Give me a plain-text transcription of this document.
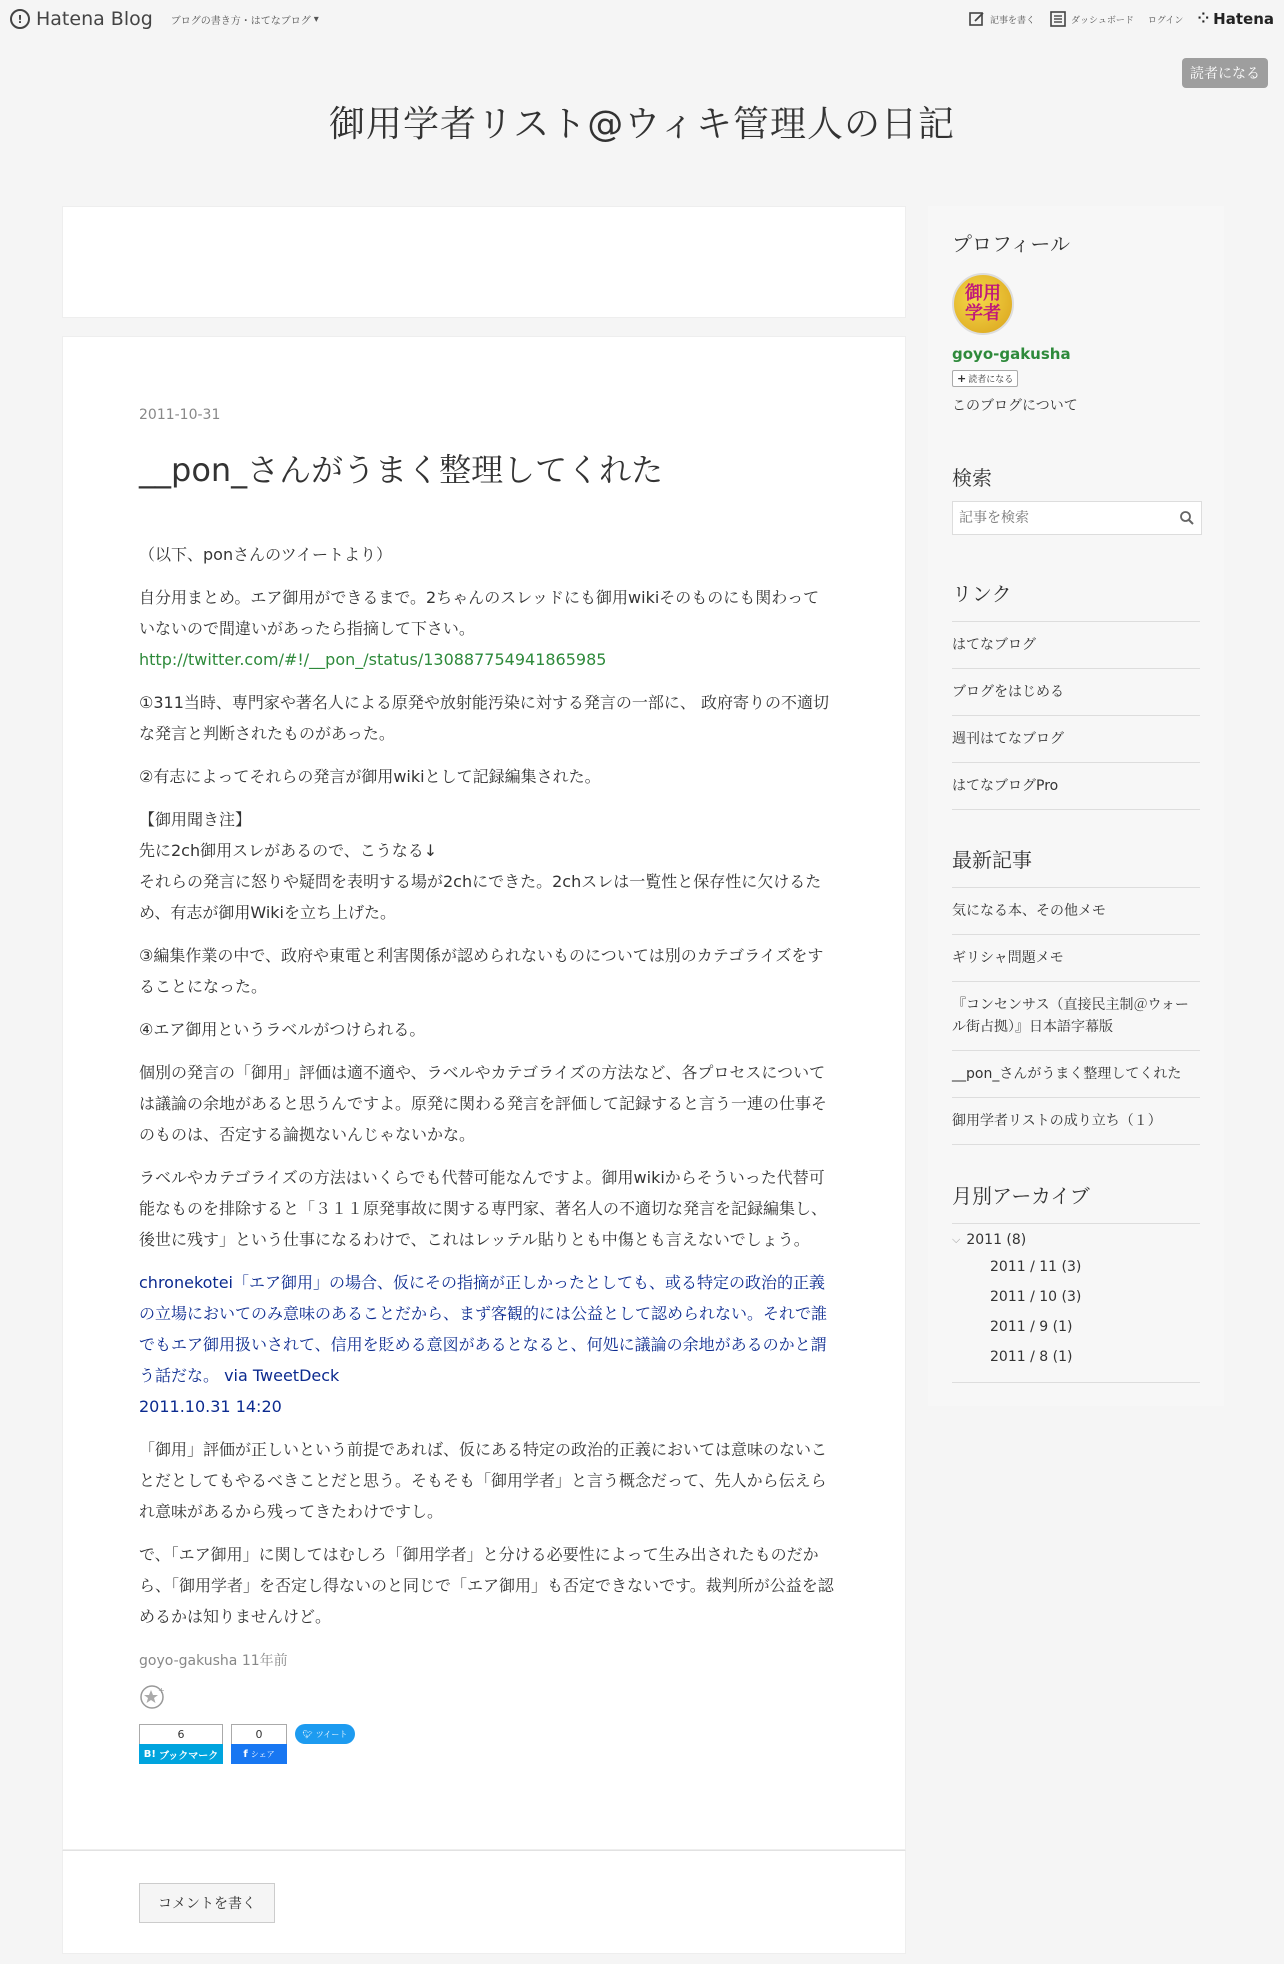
! Hatena Blog ブログの書き方・はてなブログ ▾	記事を書く	ダッシュボード ログイン ⁘ Hatena
読者になる
御用学者リスト@ウィキ管理人の日記
2011-10-31
__pon_さんがうまく整理してくれた

（以下、ponさんのツイートより）

自分用まとめ。エア御用ができるまで。2ちゃんのスレッドにも御用wikiそのものにも関わっていないので間違いがあったら指摘して下さい。
http://twitter.com/#!/__pon_/status/130887754941865985

①311当時、専門家や著名人による原発や放射能汚染に対する発言の一部に、 政府寄りの不適切な発言と判断されたものがあった。

②有志によってそれらの発言が御用wikiとして記録編集された。

【御用聞き注】
先に2ch御用スレがあるので、こうなる↓
それらの発言に怒りや疑問を表明する場が2chにできた。2chスレは一覧性と保存性に欠けるため、有志が御用Wikiを立ち上げた。

③編集作業の中で、政府や東電と利害関係が認められないものについては別のカテゴライズをすることになった。

④エア御用というラベルがつけられる。

個別の発言の「御用」評価は適不適や、ラベルやカテゴライズの方法など、各プロセスについては議論の余地があると思うんですよ。原発に関わる発言を評価して記録すると言う一連の仕事そのものは、否定する論拠ないんじゃないかな。

ラベルやカテゴライズの方法はいくらでも代替可能なんですよ。御用wikiからそういった代替可能なものを排除すると「３１１原発事故に関する専門家、著名人の不適切な発言を記録編集し、後世に残す」という仕事になるわけで、これはレッテル貼りとも中傷とも言えないでしょう。

chronekotei「エア御用」の場合、仮にその指摘が正しかったとしても、或る特定の政治的正義の立場においてのみ意味のあることだから、まず客観的には公益として認められない。それで誰でもエア御用扱いされて、信用を貶める意図があるとなると、何処に議論の余地があるのかと謂う話だな。 via TweetDeck
2011.10.31 14:20

「御用」評価が正しいという前提であれば、仮にある特定の政治的正義においては意味のないことだとしてもやるべきことだと思う。そもそも「御用学者」と言う概念だって、先人から伝えられ意味があるから残ってきたわけですし。

で、「エア御用」に関してはむしろ「御用学者」と分ける必要性によって生み出されたものだから、「御用学者」を否定し得ないのと同じで「エア御用」も否定できないです。裁判所が公益を認めるかは知りませんけど。

goyo-gakusha 11年前
+
6
B! ブックマーク
0
f シェア
🐦︎ ツイート
コメントを書く
プロフィール
御用
学者
goyo-gakusha
+ 読者になる
このブログについて
検索
記事を検索
リンク
はてなブログ
ブログをはじめる
週刊はてなブログ
はてなブログPro
最新記事
気になる本、その他メモ
ギリシャ問題メモ
『コンセンサス（直接民主制＠ウォール街占拠）』日本語字幕版
__pon_さんがうまく整理してくれた
御用学者リストの成り立ち（１）
月別アーカイブ
⌵ 2011 (8)
2011 / 11 (3)
2011 / 10 (3)
2011 / 9 (1)
2011 / 8 (1)
